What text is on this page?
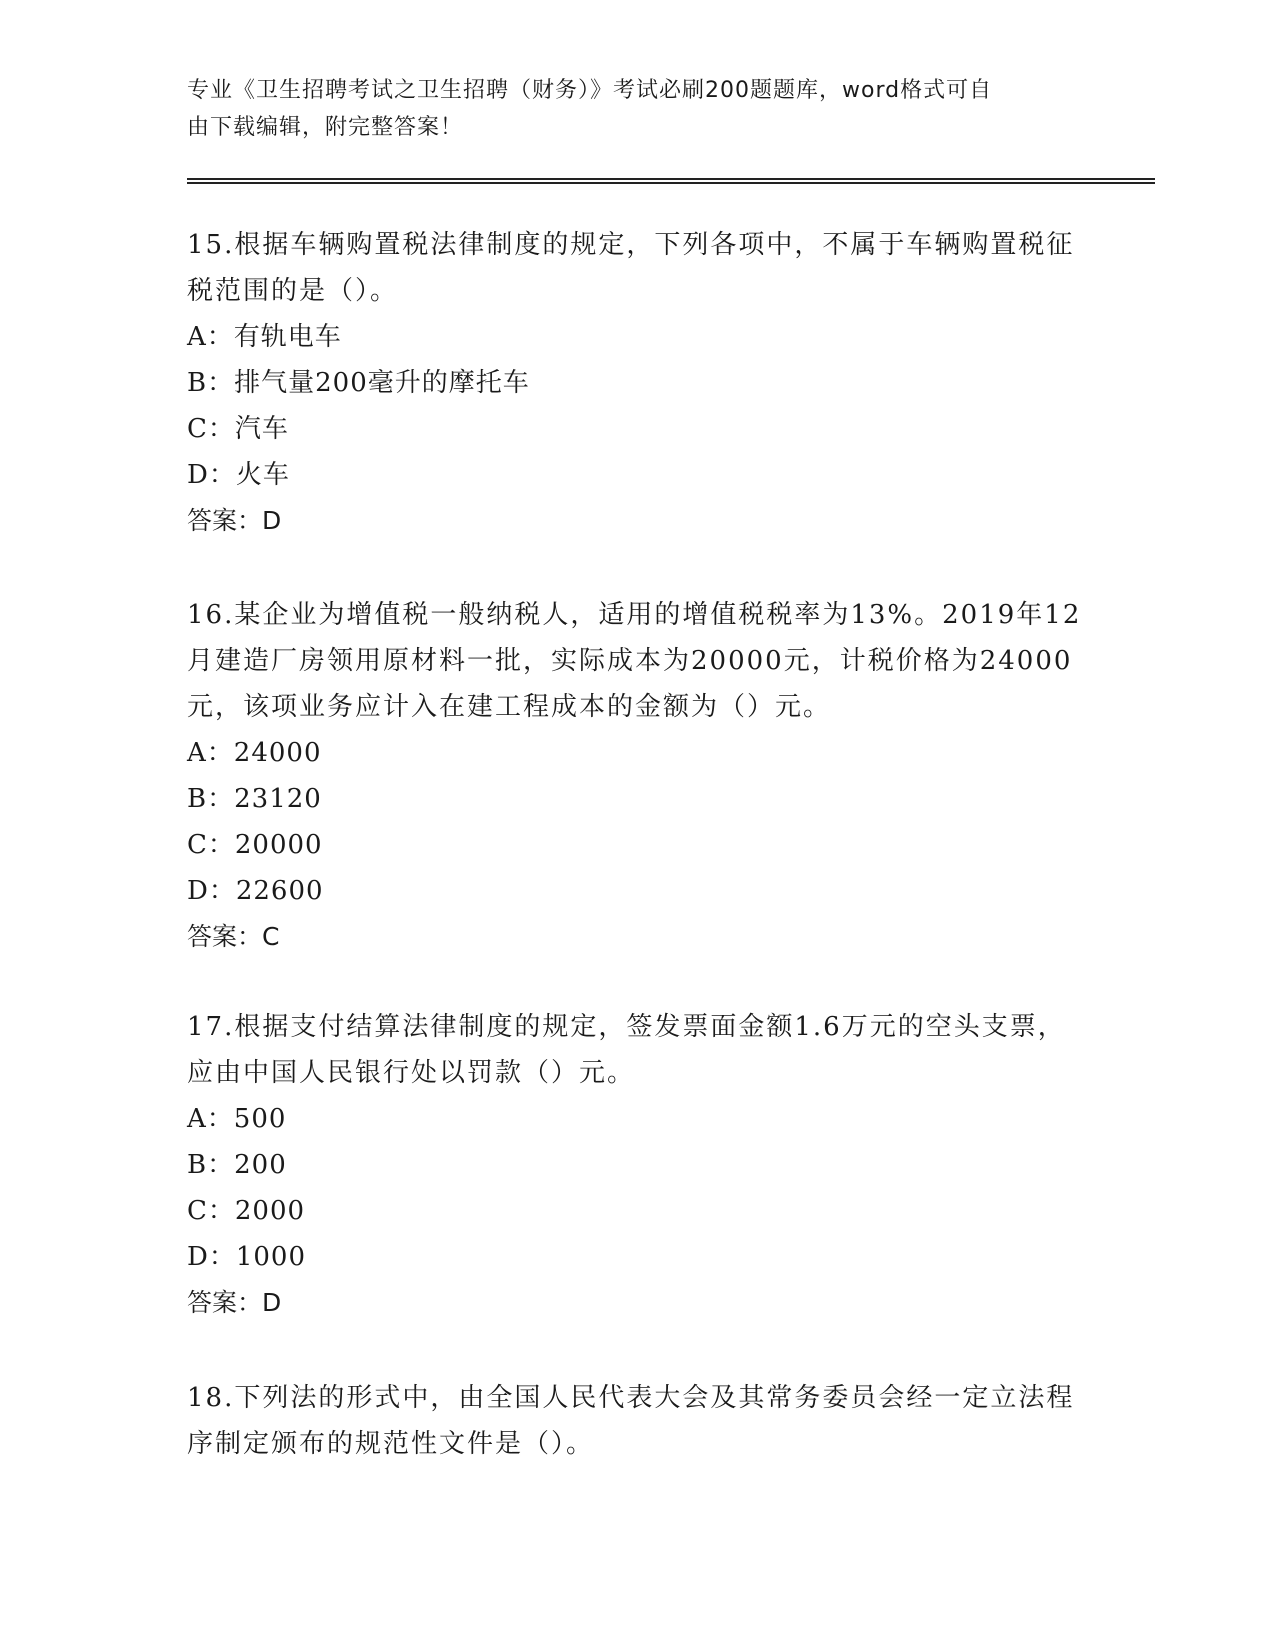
专业《卫生招聘考试之卫生招聘（财务）》考试必刷200题题库，word格式可自
由下载编辑，附完整答案！

15.根据车辆购置税法律制度的规定，下列各项中，不属于车辆购置税征税范围的是（）。

A：有轨电车

B：排气量200毫升的摩托车

C：汽车

D：火车

答案：D

16.某企业为增值税一般纳税人，适用的增值税税率为13%。2019年12月建造厂房领用原材料一批，实际成本为20000元，计税价格为24000元，该项业务应计入在建工程成本的金额为（）元。

A：24000

B：23120

C：20000

D：22600

答案：C

17.根据支付结算法律制度的规定，签发票面金额1.6万元的空头支票，应由中国人民银行处以罚款（）元。

A：500

B：200

C：2000

D：1000

答案：D

18.下列法的形式中，由全国人民代表大会及其常务委员会经一定立法程序制定颁布的规范性文件是（）。
